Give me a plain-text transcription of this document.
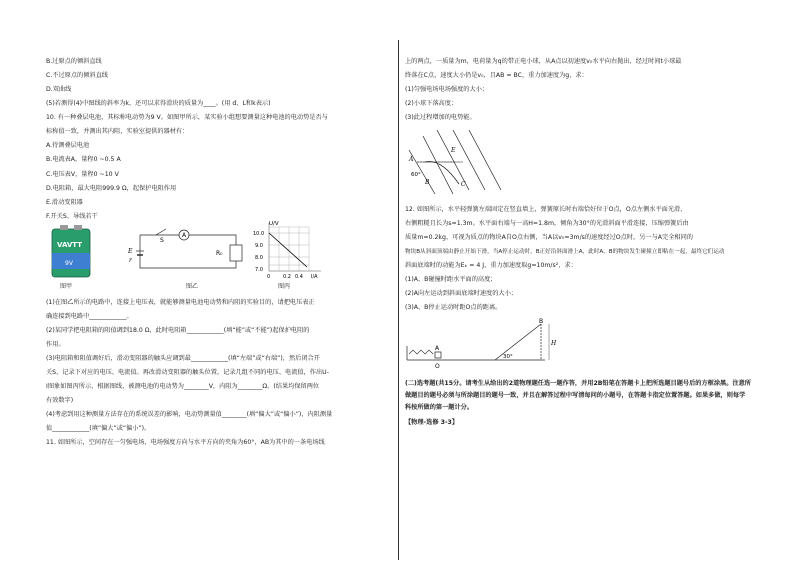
B.过原点的倾斜直线

C.不过原点的倾斜直线

D.双曲线

(5)若测得(4)中图线的斜率为k，还可以求得滑块的质量为____。(用 d、L和k表示)

10. 有一种叠层电池，其标称电动势为9 V。如图甲所示，某实验小组想要测量这种电池的电动势是否与

标称值一致，并测出其内阻，实验室提供的器材有：

A.待测叠层电池

B.电流表A，量程0 ~0.5 A

C.电压表V，量程0 ~10 V

D.电阻箱，最大电阻999.9 Ω，起保护电阻作用

E.滑动变阻器

F.开关S、导线若干

VAVTT
9V
图甲
A
S
E
r
R₀
图乙
U/V
10.0
9.0
8.0
7.0
0	0.2 0.4 I/A
图丙

(1)在图乙所示的电路中，连接上电压表，就能够测量电池电动势和内阻的实验目的，请把电压表正

确连接到电路中____________。

(2)某同学把电阻箱的阻值调到18.0 Ω，此时电阻箱____________(填“能”或“不能”)起保护电阻的

作用。

(3)电阻箱和阻值调好后，滑动变阻器的触头应调到最____________(填“左端”或“右端”)，然后闭合开

关S，记录下对应的电压、电流值。再改滑动变阻器的触头位置，记录几组不同的电压、电流值，作出U-

I图象如图丙所示，根据图线，被测电池的电动势为________V，内阻为________Ω。(结果均保留两位

有效数字)

(4)考虑到用这种测量方法存在的系统误差的影响，电动势测量值________(填“偏大”或“偏小”)，内阻测量

值____________(填“偏大”或“偏小”)。

11. 如图所示，空间存在一匀强电场，电场强度方向与水平方向的夹角为60°，AB为其中的一条电场线

上的两点，一质量为m，电荷量为q的带正电小球，从A点以初速度v₀水平向右抛出，经过时间t小球最

终落在C点，速度大小仍是v₀，且AB = BC，重力加速度为g，求：

(1)匀强电场电场强度的大小；

(2)小球下落高度；

(3)此过程增加的电势能。

A
B	C
E
60°

12. 如图所示，水平轻弹簧左端固定在竖直墙上，弹簧原长时右端恰好位于O点，O点左侧水平面光滑、

右侧粗糙且长为s=1.3m。水平面右端与一高H=1.8m，倾角为30°的光滑斜面平滑连接，压缩弹簧后由

质量m=0.2kg，可视为质点的物块A自O点右侧，当A以v₀=3m/s的速度经过O点时，另一与A完全相同的

物块B从斜面顶端由静止开始下滑，当A停止运动时，B正好沿斜面滑上A，此时A、B的物块发生碰撞立即粘在一起，最终它们运动

斜面底端时的动能为Eₖ = 4 J，重力加速度取g=10m/s²，求：

(1)A、B碰撞时距水平面的高度；

(2)A向左运动到斜面底端时速度的大小；

(3)A、B停止运动时距O点的距离。

A
O
B
H
30°

(二)选考题(共15分。请考生从给出的2道物理题任选一题作答，并用2B铅笔在答题卡上把所选题目题号后的方框涂黑。注意所做题目的题号必须与所涂题目的题号一致，并且在解答过程中写清每问的小题号，在答题卡指定位置答题。如果多做，则每学科按所做的第一题计分。

【物理-选修 3-3】
